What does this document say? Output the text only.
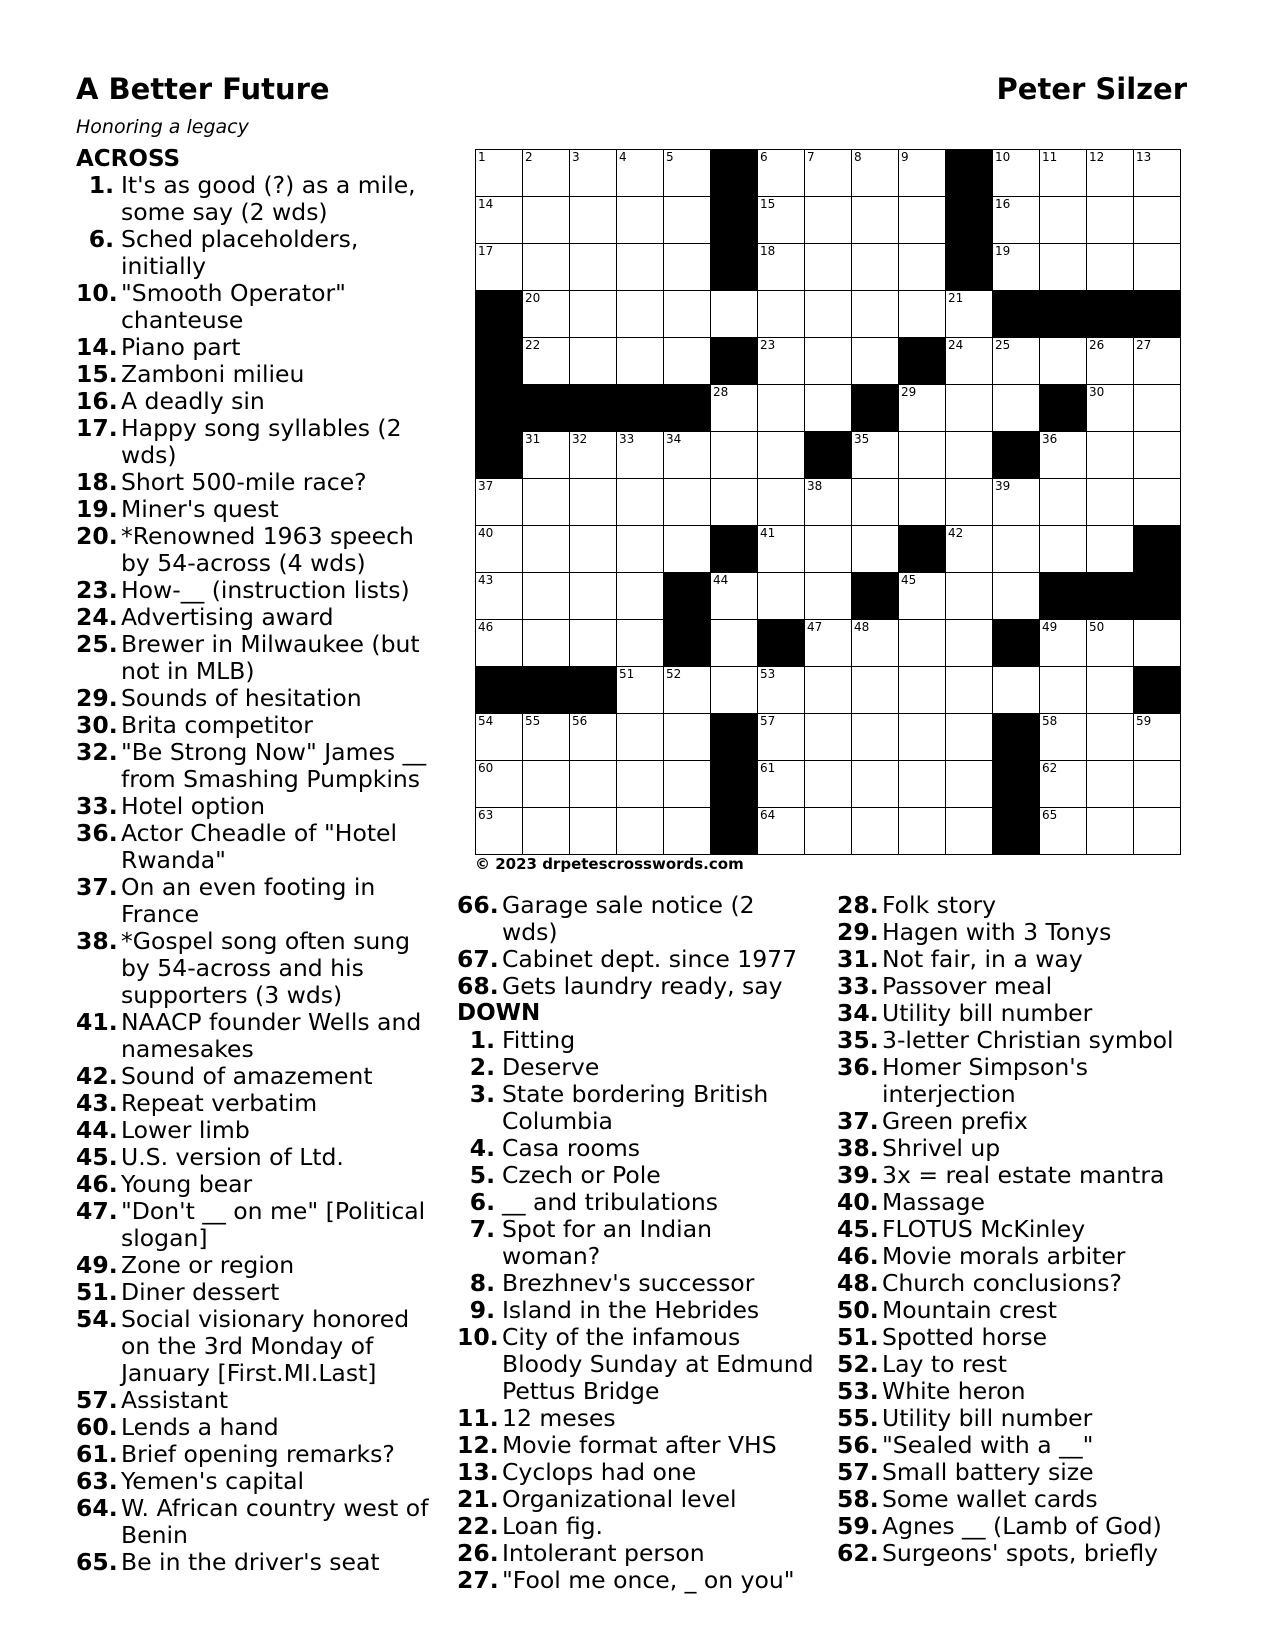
A Better Future	Peter Silzer
Honoring a legacy
ACROSS
DOWN
1. It's as good (?) as a mile, some say (2 wds)
6. Sched placeholders, initially
10. "Smooth Operator" chanteuse
14. Piano part
15. Zamboni milieu
16. A deadly sin
17. Happy song syllables (2 wds)
18. Short 500-mile race?
19. Miner's quest
20. *Renowned 1963 speech by 54-across (4 wds)
23. How-__ (instruction lists)
24. Advertising award
25. Brewer in Milwaukee (but not in MLB)
29. Sounds of hesitation
30. Brita competitor
32. "Be Strong Now" James __ from Smashing Pumpkins
33. Hotel option
36. Actor Cheadle of "Hotel Rwanda"
37. On an even footing in France
38. *Gospel song often sung by 54-across and his supporters (3 wds)
41. NAACP founder Wells and namesakes
42. Sound of amazement
43. Repeat verbatim
44. Lower limb
45. U.S. version of Ltd.
46. Young bear
47. "Don't __ on me" [Political slogan]
49. Zone or region
51. Diner dessert
54. Social visionary honored on the 3rd Monday of January [First.MI.Last]
57. Assistant
60. Lends a hand
61. Brief opening remarks?
63. Yemen's capital
64. W. African country west of Benin
65. Be in the driver's seat
66. Garage sale notice (2 wds)
67. Cabinet dept. since 1977
68. Gets laundry ready, say
1. Fitting
2. Deserve
3. State bordering British Columbia
4. Casa rooms
5. Czech or Pole
6. __ and tribulations
7. Spot for an Indian woman?
8. Brezhnev's successor
9. Island in the Hebrides
10. City of the infamous Bloody Sunday at Edmund Pettus Bridge
11. 12 meses
12. Movie format after VHS
13. Cyclops had one
21. Organizational level
22. Loan fig.
26. Intolerant person
27. "Fool me once, _ on you"
28. Folk story
29. Hagen with 3 Tonys
31. Not fair, in a way
33. Passover meal
34. Utility bill number
35. 3-letter Christian symbol
36. Homer Simpson's interjection
37. Green prefix
38. Shrivel up
39. 3x = real estate mantra
40. Massage
45. FLOTUS McKinley
46. Movie morals arbiter
48. Church conclusions?
50. Mountain crest
51. Spotted horse
52. Lay to rest
53. White heron
55. Utility bill number
56. "Sealed with a __"
57. Small battery size
58. Some wallet cards
59. Agnes __ (Lamb of God)
62. Surgeons' spots, briefly
1	2	3	4	5	6	7	8	9	10	11	12	13
14	15	16
17	18	19
20	21
22	23	24	25	26	27
28	29	30
31	32	33	34	35	36
37	38	39
40	41	42
43	44	45
46	47	48	49	50
51	52	53
54	55	56	57	58	59
60	61	62
63	64	65
© 2023 drpetescrosswords.com
